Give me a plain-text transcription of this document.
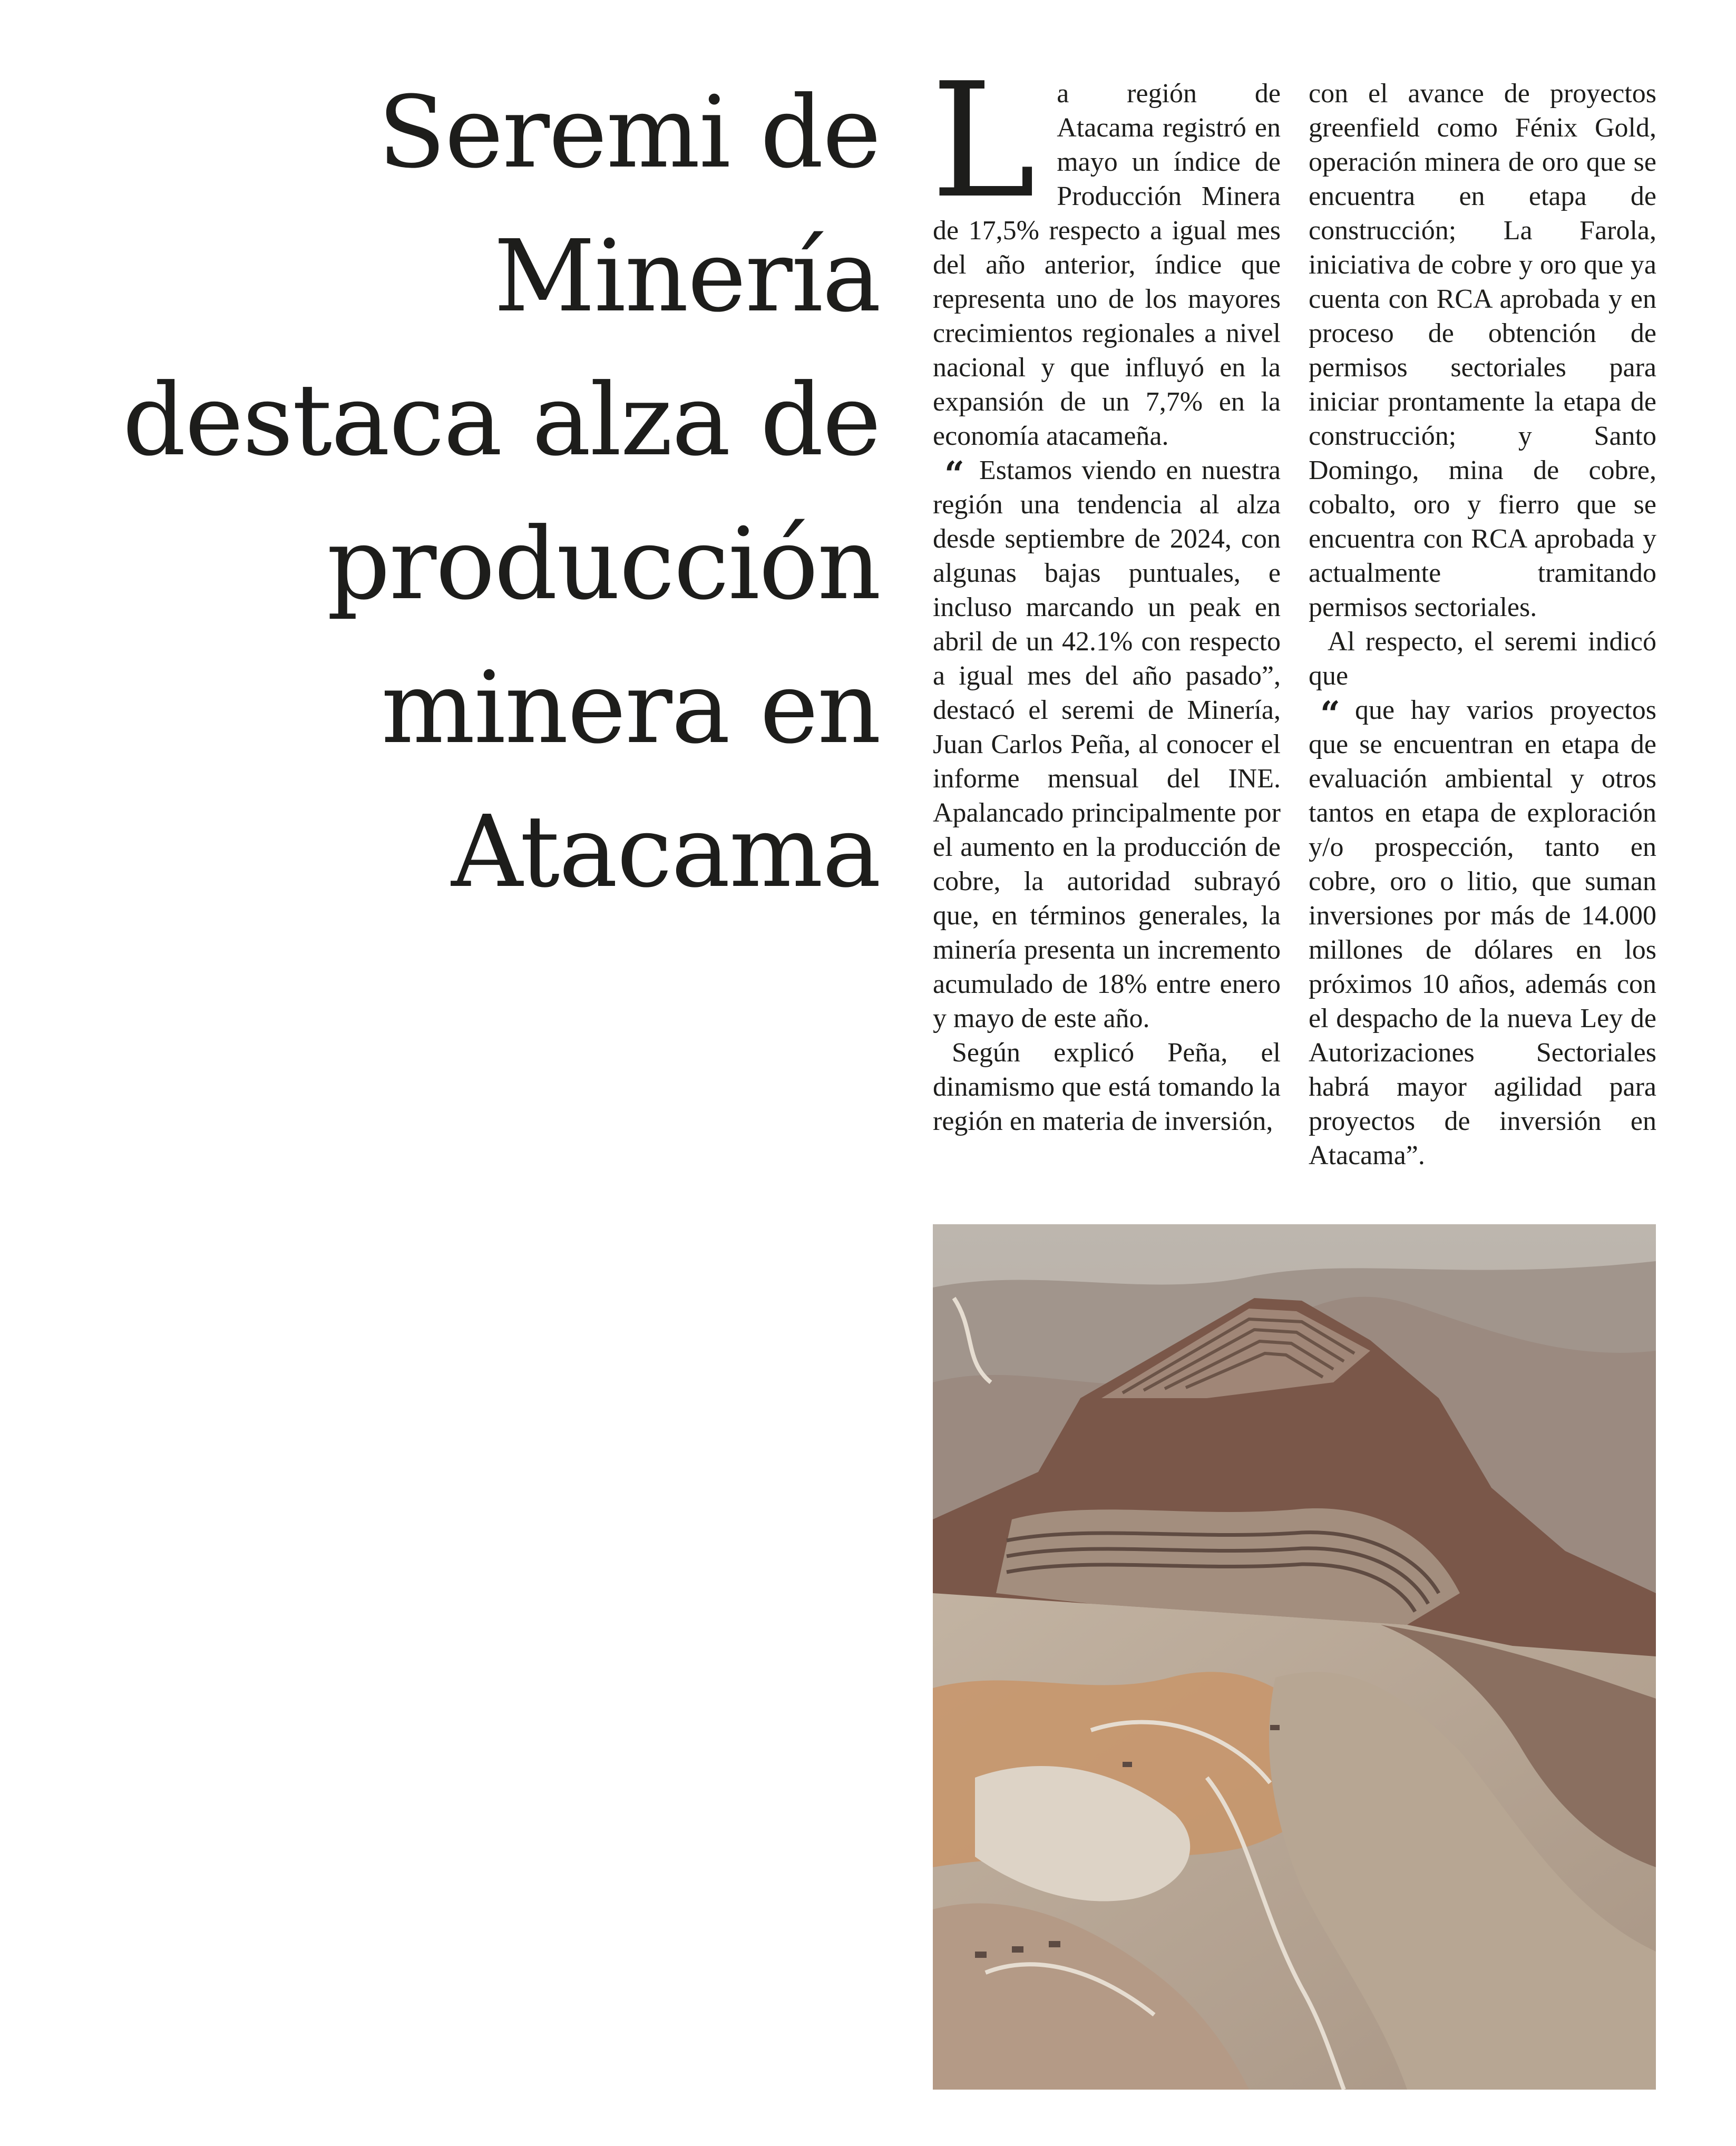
Seremi de Minería destaca alza de producción minera en Atacama

La región de Atacama registró en mayo un índice de Producción Minera de 17,5% respecto a igual mes del año anterior, índice que representa uno de los mayores crecimientos regionales a nivel nacional y que influyó en la expansión de un 7,7% en la economía atacameña.

“ Estamos viendo en nuestra región una tendencia al alza desde septiembre de 2024, con algunas bajas puntuales, e incluso marcando un peak en abril de un 42.1% con respecto a igual mes del año pasado”, destacó el seremi de Minería, Juan Carlos Peña, al conocer el informe mensual del INE. Apalancado principalmente por el aumento en la producción de cobre, la autoridad subrayó que, en términos generales, la minería presenta un incremento acumulado de 18% entre enero y mayo de este año.

Según explicó Peña, el dinamismo que está tomando la región en materia de inversión,

con el avance de proyectos greenfield como Fénix Gold, operación minera de oro que se encuentra en etapa de construcción; La Farola, iniciativa de cobre y oro que ya cuenta con RCA aprobada y en proceso de obtención de permisos sectoriales para iniciar prontamente la etapa de construcción; y Santo Domingo, mina de cobre, cobalto, oro y fierro que se encuentra con RCA aprobada y actualmente tramitando permisos sectoriales.

Al respecto, el seremi indicó que

“ que hay varios proyectos que se encuentran en etapa de evaluación ambiental y otros tantos en etapa de exploración y/o prospección, tanto en cobre, oro o litio, que suman inversiones por más de 14.000 millones de dólares en los próximos 10 años, además con el despacho de la nueva Ley de Autorizaciones Sectoriales habrá mayor agilidad para proyectos de inversión en Atacama”.
